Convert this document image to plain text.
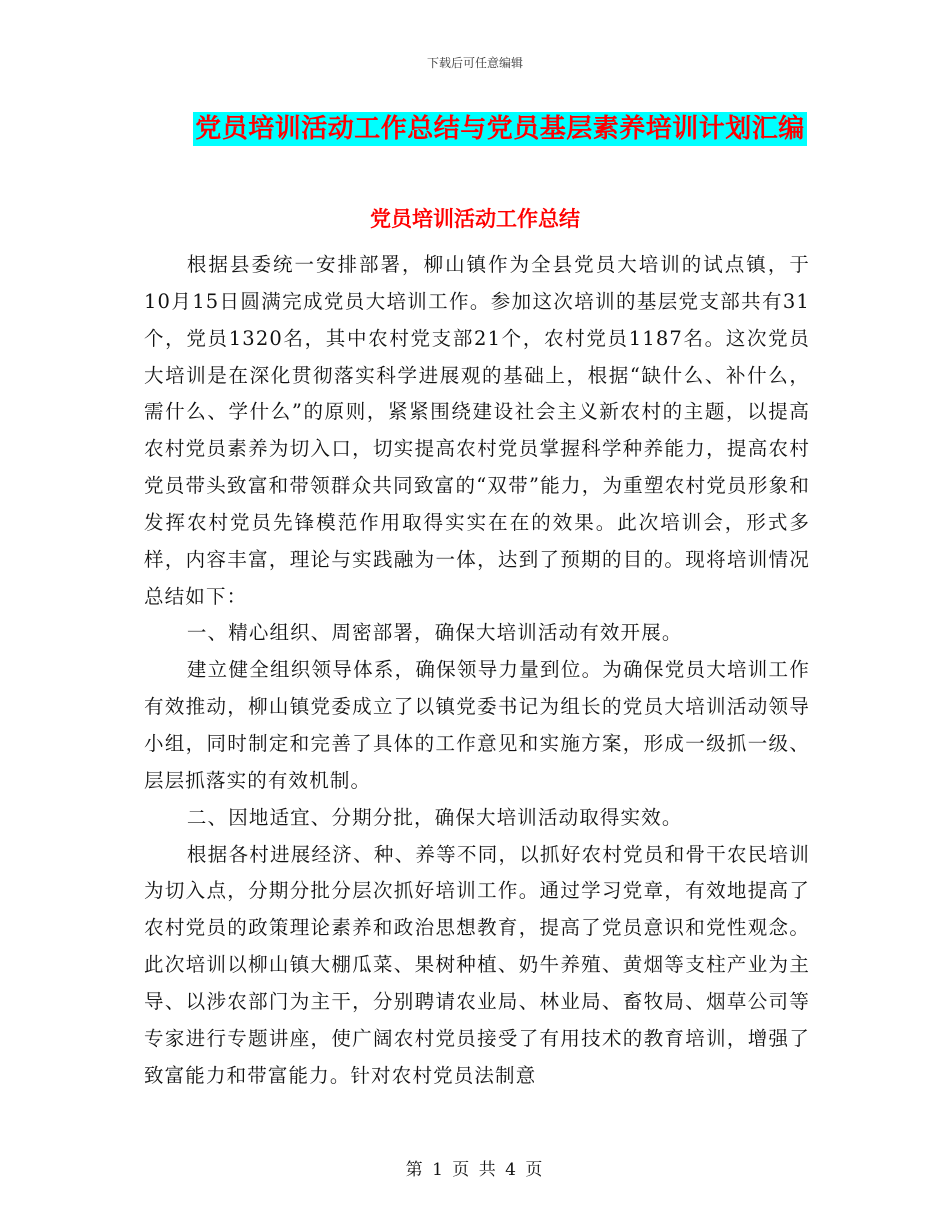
下载后可任意编辑
党员培训活动工作总结与党员基层素养培训计划汇编
党员培训活动工作总结

根据县委统一安排部署，柳山镇作为全县党员大培训的试点镇，于10月15日圆满完成党员大培训工作。参加这次培训的基层党支部共有31个，党员1320名，其中农村党支部21个，农村党员1187名。这次党员大培训是在深化贯彻落实科学进展观的基础上，根据“缺什么、补什么，需什么、学什么”的原则，紧紧围绕建设社会主义新农村的主题，以提高农村党员素养为切入口，切实提高农村党员掌握科学种养能力，提高农村党员带头致富和带领群众共同致富的“双带”能力，为重塑农村党员形象和发挥农村党员先锋模范作用取得实实在在的效果。此次培训会，形式多样，内容丰富，理论与实践融为一体，达到了预期的目的。现将培训情况总结如下：

一、精心组织、周密部署，确保大培训活动有效开展。

建立健全组织领导体系，确保领导力量到位。为确保党员大培训工作有效推动，柳山镇党委成立了以镇党委书记为组长的党员大培训活动领导小组，同时制定和完善了具体的工作意见和实施方案，形成一级抓一级、层层抓落实的有效机制。

二、因地适宜、分期分批，确保大培训活动取得实效。

根据各村进展经济、种、养等不同，以抓好农村党员和骨干农民培训为切入点，分期分批分层次抓好培训工作。通过学习党章，有效地提高了农村党员的政策理论素养和政治思想教育，提高了党员意识和党性观念。此次培训以柳山镇大棚瓜菜、果树种植、奶牛养殖、黄烟等支柱产业为主导、以涉农部门为主干，分别聘请农业局、林业局、畜牧局、烟草公司等专家进行专题讲座，使广阔农村党员接受了有用技术的教育培训，增强了致富能力和带富能力。针对农村党员法制意

第 1 页 共 4 页
